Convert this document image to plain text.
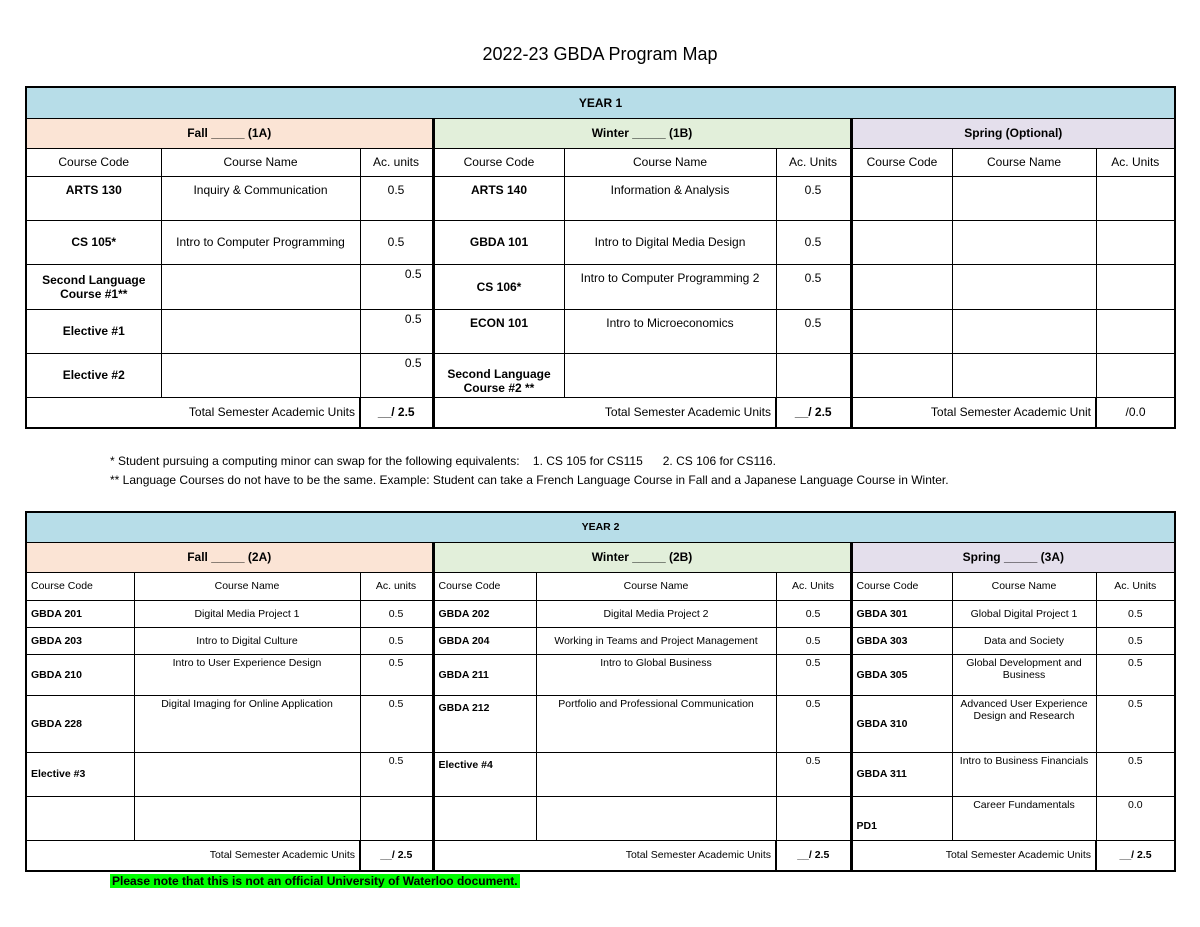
2022-23 GBDA Program Map
YEAR 1								
Fall _____ (1A)			Winter _____ (1B)			Spring (Optional)		
Course Code	Course Name	Ac. units	Course Code	Course Name	Ac. Units	Course Code	Course Name	Ac. Units
ARTS 130	Inquiry & Communication	0.5	ARTS 140	Information & Analysis	0.5			
CS 105*	Intro to Computer Programming	0.5	GBDA 101	Intro to Digital Media Design	0.5			
Second Language Course #1**		0.5	CS 106*	Intro to Computer Programming 2	0.5			
Elective #1		0.5	ECON 101	Intro to Microeconomics	0.5			
Elective #2		0.5	Second Language Course #2 **					
Total Semester Academic Units		__/ 2.5	Total Semester Academic Units		__/ 2.5	Total Semester Academic Unit		/0.0
* Student pursuing a computing minor can swap for the following equivalents:    1. CS 105 for CS115      2. CS 106 for CS116.
** Language Courses do not have to be the same. Example: Student can take a French Language Course in Fall and a Japanese Language Course in Winter.
YEAR 2								
Fall _____ (2A)			Winter _____ (2B)			Spring _____ (3A)		
Course Code	Course Name	Ac. units	Course Code	Course Name	Ac. Units	Course Code	Course Name	Ac. Units
GBDA 201	Digital Media Project 1	0.5	GBDA 202	Digital Media Project 2	0.5	GBDA 301	Global Digital Project 1	0.5
GBDA 203	Intro to Digital Culture	0.5	GBDA 204	Working in Teams and Project Management	0.5	GBDA 303	Data and Society	0.5
GBDA 210	Intro to User Experience Design	0.5	GBDA 211	Intro to Global Business	0.5	GBDA 305	Global Development and Business	0.5
GBDA 228	Digital Imaging for Online Application	0.5	GBDA 212	Portfolio and Professional Communication	0.5	GBDA 310	Advanced User Experience Design and Research	0.5
Elective #3		0.5	Elective #4		0.5	GBDA 311	Intro to Business Financials	0.5
						PD1	Career Fundamentals	0.0
Total Semester Academic Units		__/ 2.5	Total Semester Academic Units		__/ 2.5	Total Semester Academic Units		__/ 2.5
Please note that this is not an official University of Waterloo document.
